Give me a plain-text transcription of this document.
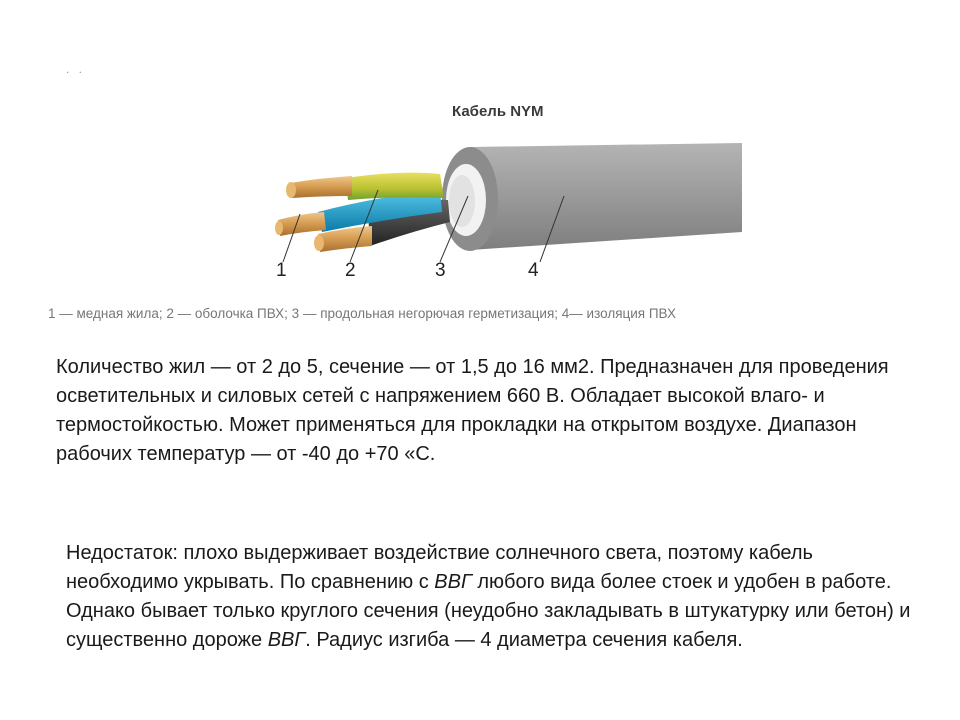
. .
Кабель NYM
1	2	3	4
1 — медная жила; 2 — оболочка ПВХ; 3 — продольная негорючая герметизация; 4— изоляция ПВХ

Количество жил — от 2 до 5, сечение — от 1,5 до 16 мм2. Предназначен для проведения осветительных и силовых сетей с напряжением 660 В. Обладает высокой влаго- и термостойкостью. Может применяться для прокладки на открытом воздухе. Диапазон рабочих температур — от -40 до +70 «С.

Недостаток: плохо выдерживает воздействие солнечного света, поэтому кабель необходимо укрывать. По сравнению с ВВГ любого вида более стоек и удобен в работе. Однако бывает только круглого сечения (неудобно закладывать в штукатурку или бетон) и существенно дороже ВВГ. Радиус изгиба — 4 диаметра сечения кабеля.
